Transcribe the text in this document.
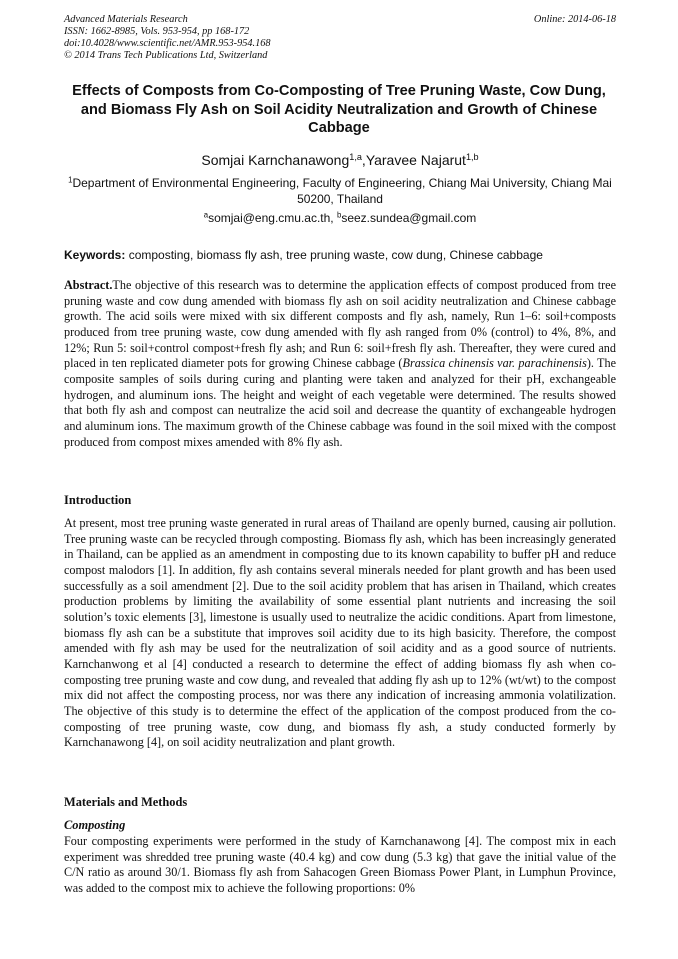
Advanced Materials Research
ISSN: 1662-8985, Vols. 953-954, pp 168-172
doi:10.4028/www.scientific.net/AMR.953-954.168
© 2014 Trans Tech Publications Ltd, Switzerland
Online: 2014-06-18
Effects of Composts from Co-Composting of Tree Pruning Waste, Cow Dung, and Biomass Fly Ash on Soil Acidity Neutralization and Growth of Chinese Cabbage
Somjai Karnchanawong$^{1,a}$,Yaravee Najarut$^{1,b}$
$^1$Department of Environmental Engineering, Faculty of Engineering, Chiang Mai University, Chiang Mai 50200, Thailand
$^a$somjai@eng.cmu.ac.th, $^b$seez.sundea@gmail.com
Keywords: composting, biomass fly ash, tree pruning waste, cow dung, Chinese cabbage
Abstract.The objective of this research was to determine the application effects of compost produced from tree pruning waste and cow dung amended with biomass fly ash on soil acidity neutralization and Chinese cabbage growth. The acid soils were mixed with six different composts and fly ash, namely, Run 1–6: soil+composts produced from tree pruning waste, cow dung amended with fly ash ranged from 0% (control) to 4%, 8%, and 12%; Run 5: soil+control compost+fresh fly ash; and Run 6: soil+fresh fly ash. Thereafter, they were cured and placed in ten replicated diameter pots for growing Chinese cabbage (Brassica chinensis var. parachinensis). The composite samples of soils during curing and planting were taken and analyzed for their pH, exchangeable hydrogen, and aluminum ions. The height and weight of each vegetable were determined. The results showed that both fly ash and compost can neutralize the acid soil and decrease the quantity of exchangeable hydrogen and aluminum ions. The maximum growth of the Chinese cabbage was found in the soil mixed with the compost produced from compost mixes amended with 8% fly ash.
Introduction
At present, most tree pruning waste generated in rural areas of Thailand are openly burned, causing air pollution. Tree pruning waste can be recycled through composting. Biomass fly ash, which has been increasingly generated in Thailand, can be applied as an amendment in composting due to its known capability to buffer pH and reduce compost malodors [1]. In addition, fly ash contains several minerals needed for plant growth and has been used successfully as a soil amendment [2]. Due to the soil acidity problem that has arisen in Thailand, which creates production problems by limiting the availability of some essential plant nutrients and increasing the soil solution’s toxic elements [3], limestone is usually used to neutralize the acidic conditions. Apart from limestone, biomass fly ash can be a substitute that improves soil acidity due to its high basicity. Therefore, the compost amended with fly ash may be used for the neutralization of soil acidity and as a good source of nutrients. Karnchanwong et al [4] conducted a research to determine the effect of adding biomass fly ash when co-composting tree pruning waste and cow dung, and revealed that adding fly ash up to 12% (wt/wt) to the compost mix did not affect the composting process, nor was there any indication of increasing ammonia volatilization. The objective of this study is to determine the effect of the application of the compost produced from the co-composting of tree pruning waste, cow dung, and biomass fly ash, a study conducted formerly by Karnchanawong [4], on soil acidity neutralization and plant growth.
Materials and Methods
Composting
Four composting experiments were performed in the study of Karnchanawong [4]. The compost mix in each experiment was shredded tree pruning waste (40.4 kg) and cow dung (5.3 kg) that gave the initial value of the C/N ratio as around 30/1. Biomass fly ash from Sahacogen Green Biomass Power Plant, in Lumphun Province, was added to the compost mix to achieve the following proportions: 0%
